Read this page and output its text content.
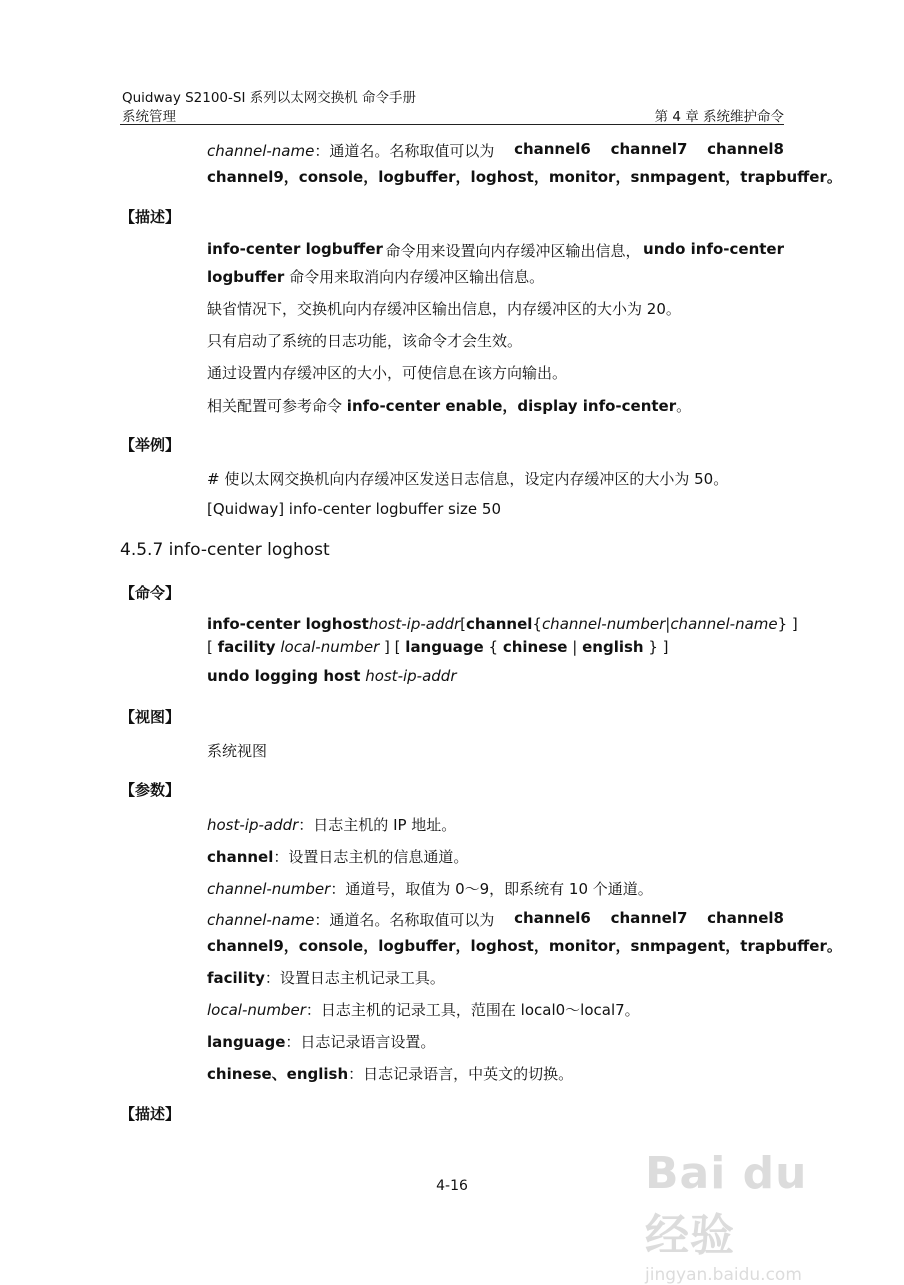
Quidway S2100-SI 系列以太网交换机 命令手册
系统管理	第 4 章 系统维护命令
channel-name：通道名。名称取值可以为 channel6 channel7 channel8
channel9，console，logbuffer，loghost，monitor，snmpagent，trapbuffer。
【描述】
info-center logbuffer 命令用来设置向内存缓冲区输出信息， undo info-center
logbuffer 命令用来取消向内存缓冲区输出信息。
缺省情况下，交换机向内存缓冲区输出信息，内存缓冲区的大小为 20。
只有启动了系统的日志功能，该命令才会生效。
通过设置内存缓冲区的大小，可使信息在该方向输出。
相关配置可参考命令 info-center enable，display info-center。
【举例】
# 使以太网交换机向内存缓冲区发送日志信息，设定内存缓冲区的大小为 50。
[Quidway] info-center logbuffer size 50
4.5.7 info-center loghost
【命令】
info-center loghost host-ip-addr [ channel { channel-number | channel-name } ]
[ facility local-number ] [ language { chinese | english } ]
undo logging host host-ip-addr
【视图】
系统视图
【参数】
host-ip-addr：日志主机的 IP 地址。
channel：设置日志主机的信息通道。
channel-number：通道号，取值为 0～9，即系统有 10 个通道。
channel-name：通道名。名称取值可以为 channel6 channel7 channel8
channel9，console，logbuffer，loghost，monitor，snmpagent，trapbuffer。
facility：设置日志主机记录工具。
local-number：日志主机的记录工具，范围在 local0～local7。
language：日志记录语言设置。
chinese、english：日志记录语言，中英文的切换。
【描述】
4-16	Bai du 经验
jingyan.baidu.com
